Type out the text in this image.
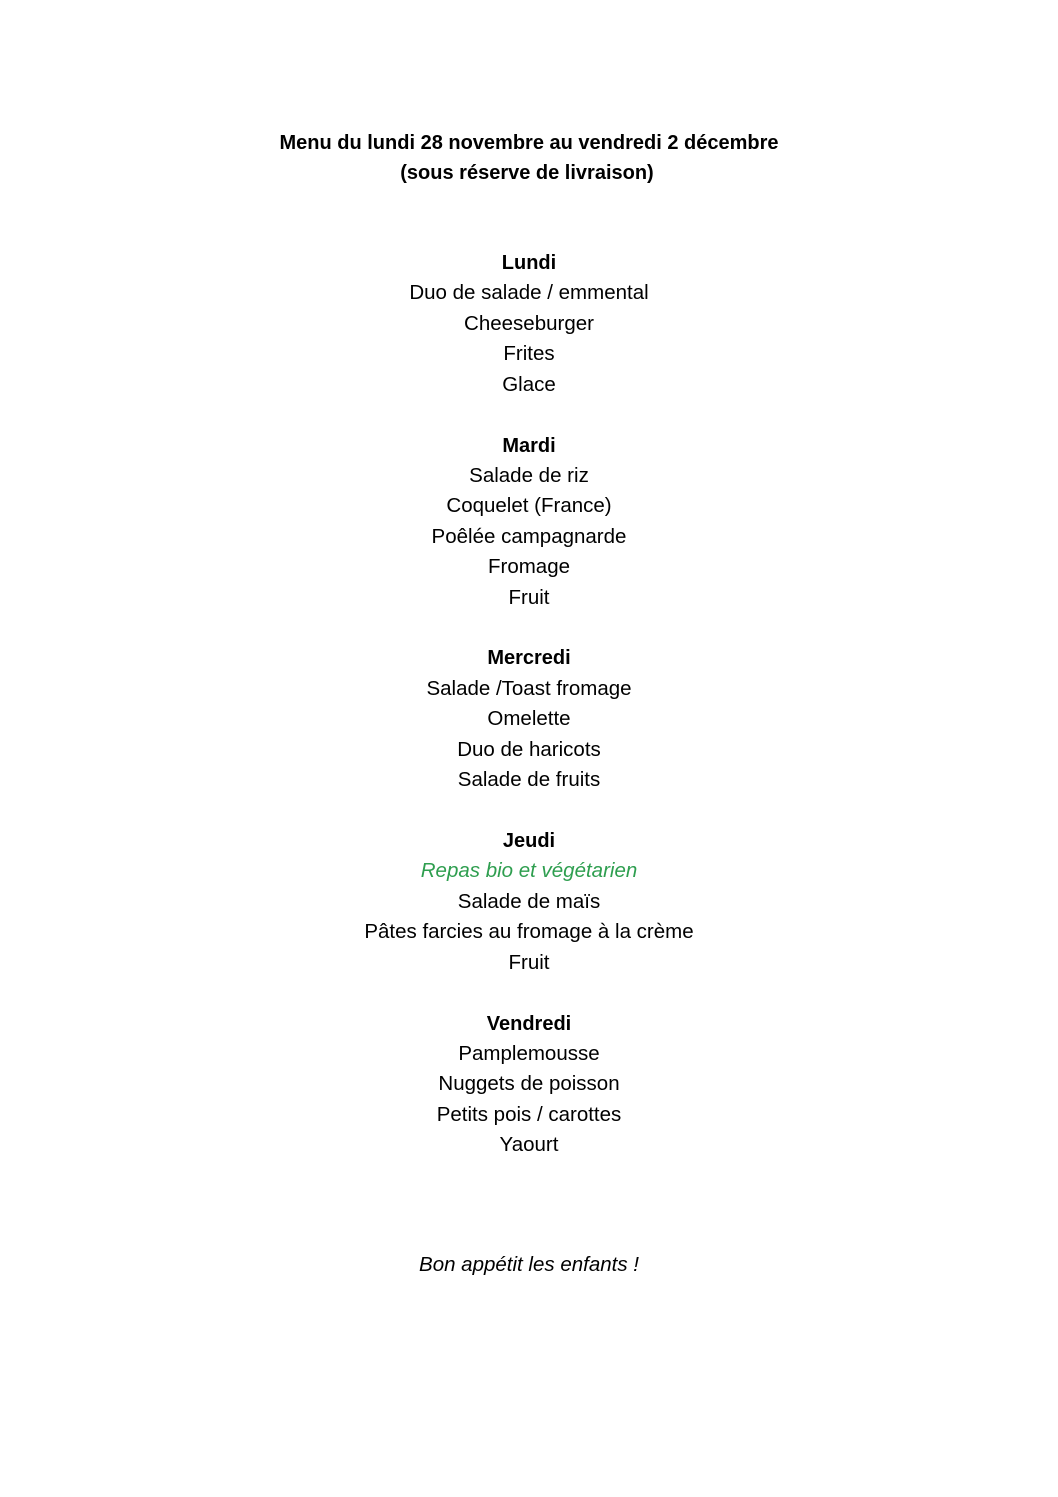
Menu du lundi 28 novembre au vendredi 2 décembre
(sous réserve de livraison)
Lundi
Duo de salade / emmental
Cheeseburger
Frites
Glace
Mardi
Salade de riz
Coquelet (France)
Poêlée campagnarde
Fromage
Fruit
Mercredi
Salade /Toast fromage
Omelette
Duo de haricots
Salade de fruits
Jeudi
Repas bio et végétarien
Salade de maïs
Pâtes farcies au fromage à la crème
Fruit
Vendredi
Pamplemousse
Nuggets de poisson
Petits pois / carottes
Yaourt
Bon appétit les enfants !
